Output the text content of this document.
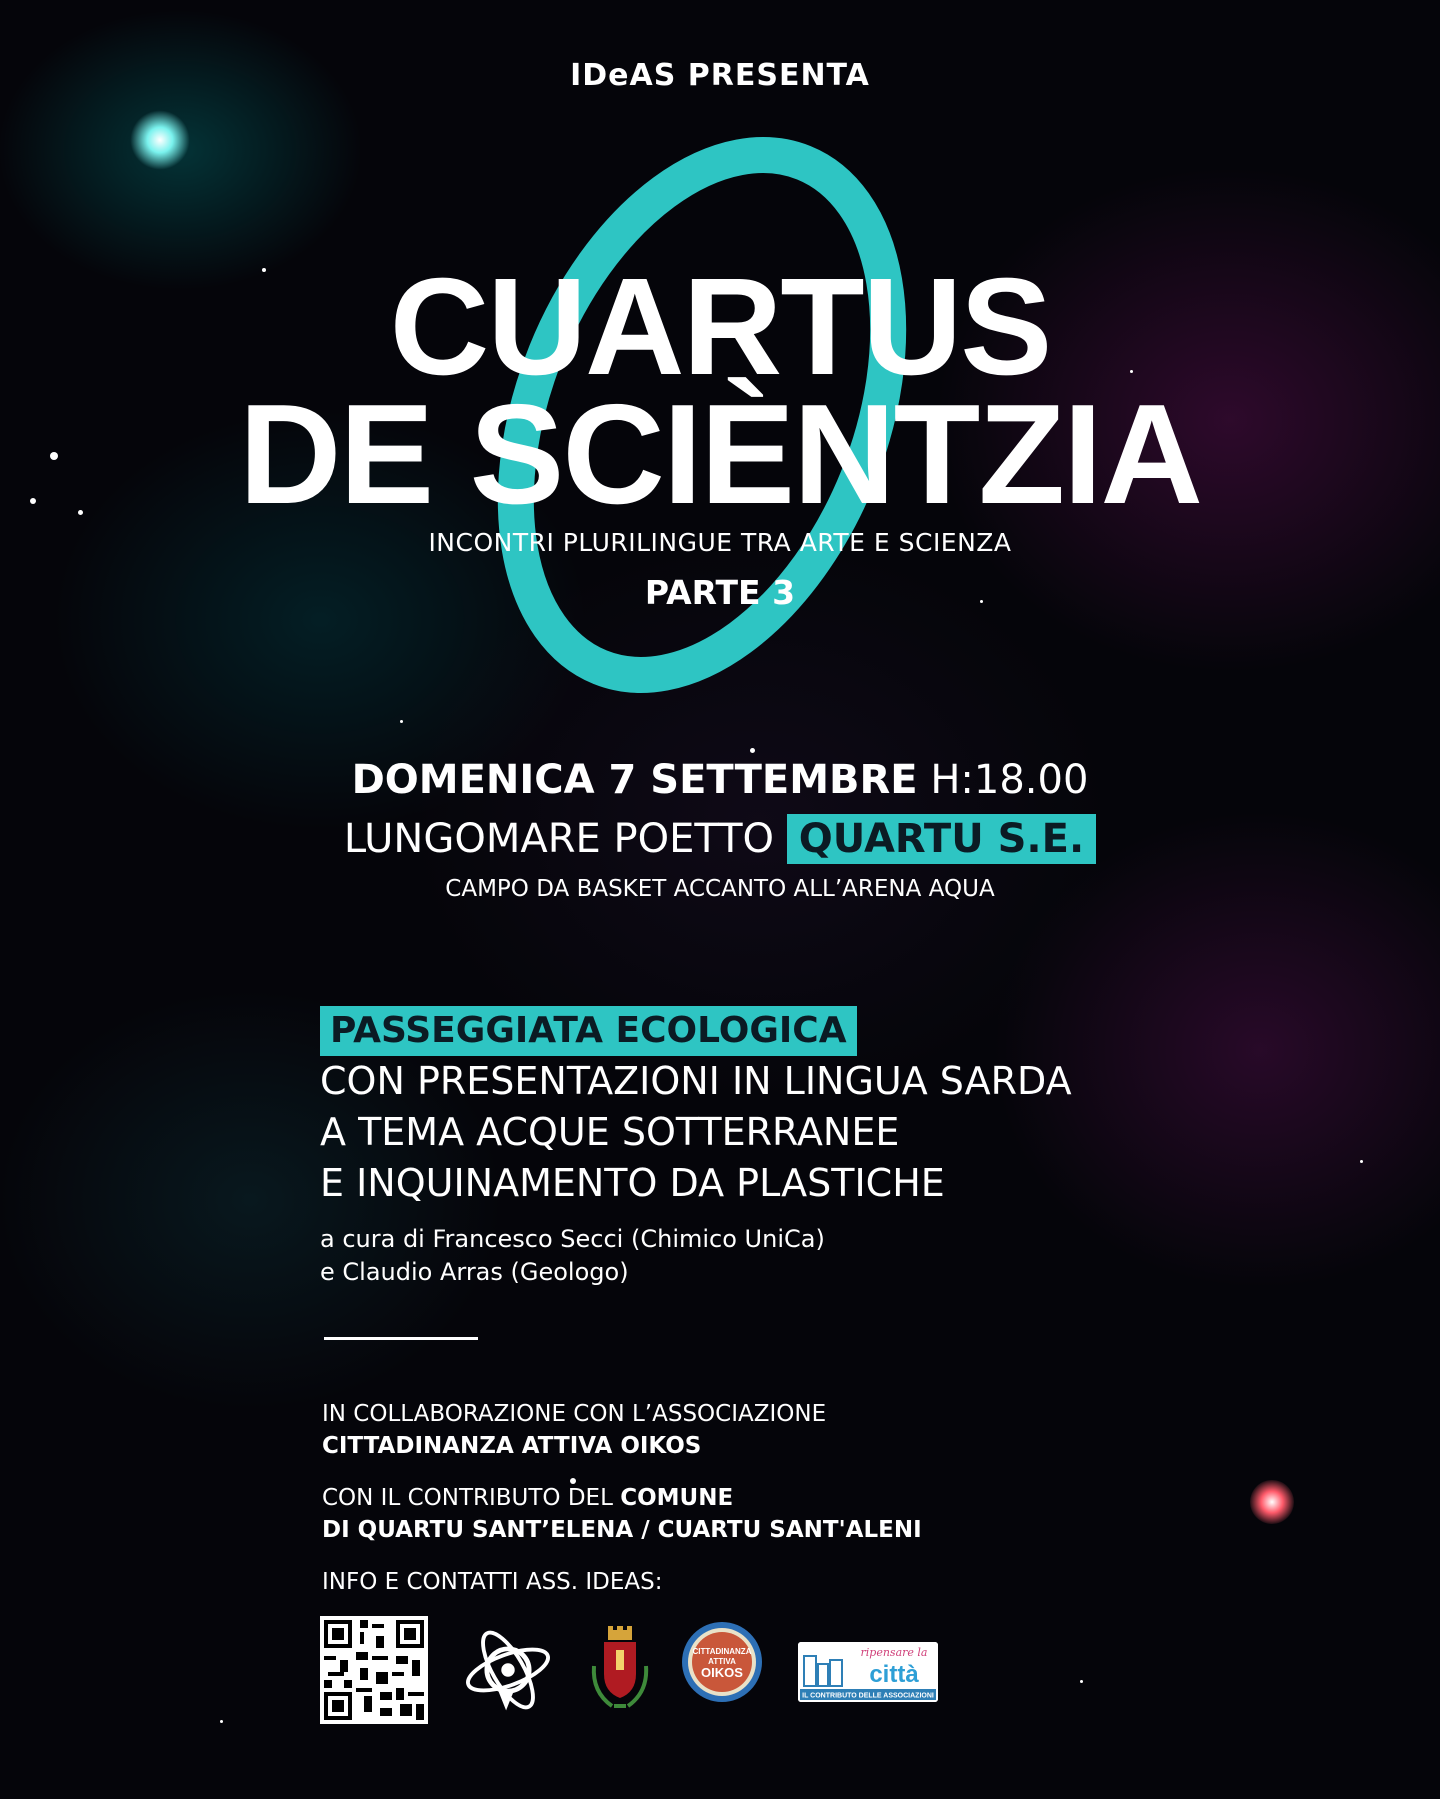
IDeAS PRESENTA
CUARTUS
DE SCIÈNTZIA
INCONTRI PLURILINGUE TRA ARTE E SCIENZA
PARTE 3
DOMENICA 7 SETTEMBRE H:18.00
LUNGOMARE POETTO QUARTU S.E.
CAMPO DA BASKET ACCANTO ALL’ARENA AQUA
PASSEGGIATA ECOLOGICA
CON PRESENTAZIONI IN LINGUA SARDA
A TEMA ACQUE SOTTERRANEE
E INQUINAMENTO DA PLASTICHE
a cura di Francesco Secci (Chimico UniCa)
e Claudio Arras (Geologo)
IN COLLABORAZIONE CON L’ASSOCIAZIONE
CITTADINANZA ATTIVA OIKOS
CON IL CONTRIBUTO DEL COMUNE
DI QUARTU SANT’ELENA / CUARTU SANT'ALENI
INFO E CONTATTI ASS. IDEAS:
CITTADINANZA
ATTIVA
OIKOS
ripensare la
città
IL CONTRIBUTO DELLE ASSOCIAZIONI
